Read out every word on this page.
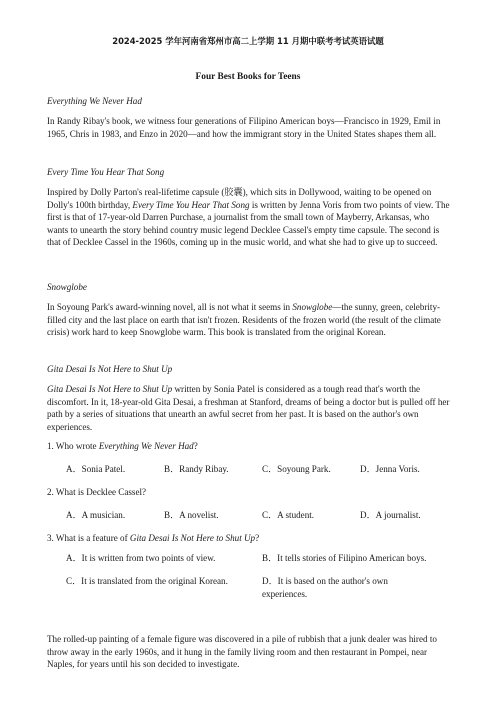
2024-2025 学年河南省郑州市高二上学期 11 月期中联考考试英语试题
Four Best Books for Teens
Everything We Never Had

In Randy Ribay's book, we witness four generations of Filipino American boys—Francisco in 1929, Emil in 1965, Chris in 1983, and Enzo in 2020—and how the immigrant story in the United States shapes them all.

Every Time You Hear That Song

Inspired by Dolly Parton's real-lifetime capsule (胶囊), which sits in Dollywood, waiting to be opened on Dolly's 100th birthday, Every Time You Hear That Song is written by Jenna Voris from two points of view. The first is that of 17-year-old Darren Purchase, a journalist from the small town of Mayberry, Arkansas, who wants to unearth the story behind country music legend Decklee Cassel's empty time capsule. The second is that of Decklee Cassel in the 1960s, coming up in the music world, and what she had to give up to succeed.

Snowglobe

In Soyoung Park's award-winning novel, all is not what it seems in Snowglobe—the sunny, green, celebrity-filled city and the last place on earth that isn't frozen. Residents of the frozen world (the result of the climate crisis) work hard to keep Snowglobe warm. This book is translated from the original Korean.

Gita Desai Is Not Here to Shut Up

Gita Desai Is Not Here to Shut Up written by Sonia Patel is considered as a tough read that's worth the discomfort. In it, 18-year-old Gita Desai, a freshman at Stanford, dreams of being a doctor but is pulled off her path by a series of situations that unearth an awful secret from her past. It is based on the author's own experiences.

1. Who wrote Everything We Never Had?
A．Sonia Patel.	B．Randy Ribay.	C．Soyoung Park.	D．Jenna Voris.
2. What is Decklee Cassel?
A．A musician.	B．A novelist.	C．A student.	D．A journalist.
3. What is a feature of Gita Desai Is Not Here to Shut Up?
A．It is written from two points of view.	B．It tells stories of Filipino American boys.
C．It is translated from the original Korean.	D．It is based on the author's own experiences.

The rolled-up painting of a female figure was discovered in a pile of rubbish that a junk dealer was hired to throw away in the early 1960s, and it hung in the family living room and then restaurant in Pompei, near Naples, for years until his son decided to investigate.
